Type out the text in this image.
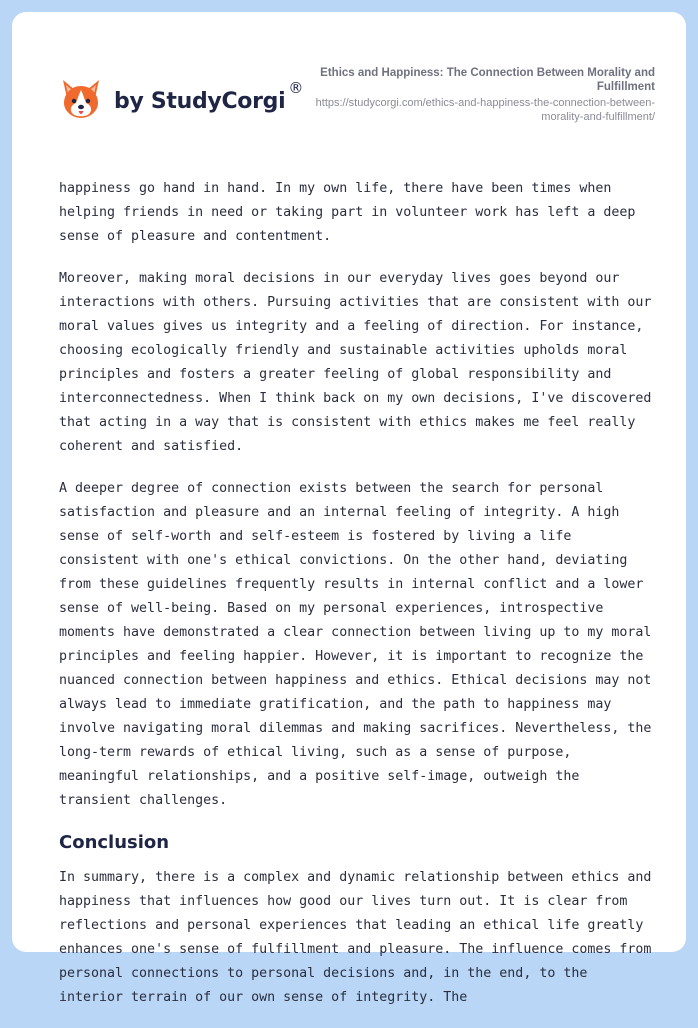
by StudyCorgi
®
Ethics and Happiness: The Connection Between Morality and Fulfillment
https://studycorgi.com/ethics-and-happiness-the-connection-between-morality-and-fulfillment/

happiness go hand in hand. In my own life, there have been times when helping friends in need or taking part in volunteer work has left a deep sense of pleasure and contentment.

Moreover, making moral decisions in our everyday lives goes beyond our interactions with others. Pursuing activities that are consistent with our moral values gives us integrity and a feeling of direction. For instance, choosing ecologically friendly and sustainable activities upholds moral principles and fosters a greater feeling of global responsibility and interconnectedness. When I think back on my own decisions, I've discovered that acting in a way that is consistent with ethics makes me feel really coherent and satisfied.

A deeper degree of connection exists between the search for personal satisfaction and pleasure and an internal feeling of integrity. A high sense of self-worth and self-esteem is fostered by living a life consistent with one's ethical convictions. On the other hand, deviating from these guidelines frequently results in internal conflict and a lower sense of well-being. Based on my personal experiences, introspective moments have demonstrated a clear connection between living up to my moral principles and feeling happier. However, it is important to recognize the nuanced connection between happiness and ethics. Ethical decisions may not always lead to immediate gratification, and the path to happiness may involve navigating moral dilemmas and making sacrifices. Nevertheless, the long-term rewards of ethical living, such as a sense of purpose, meaningful relationships, and a positive self-image, outweigh the transient challenges.

Conclusion

In summary, there is a complex and dynamic relationship between ethics and happiness that influences how good our lives turn out. It is clear from reflections and personal experiences that leading an ethical life greatly enhances one's sense of fulfillment and pleasure. The influence comes from personal connections to personal decisions and, in the end, to the interior terrain of our own sense of integrity. The
